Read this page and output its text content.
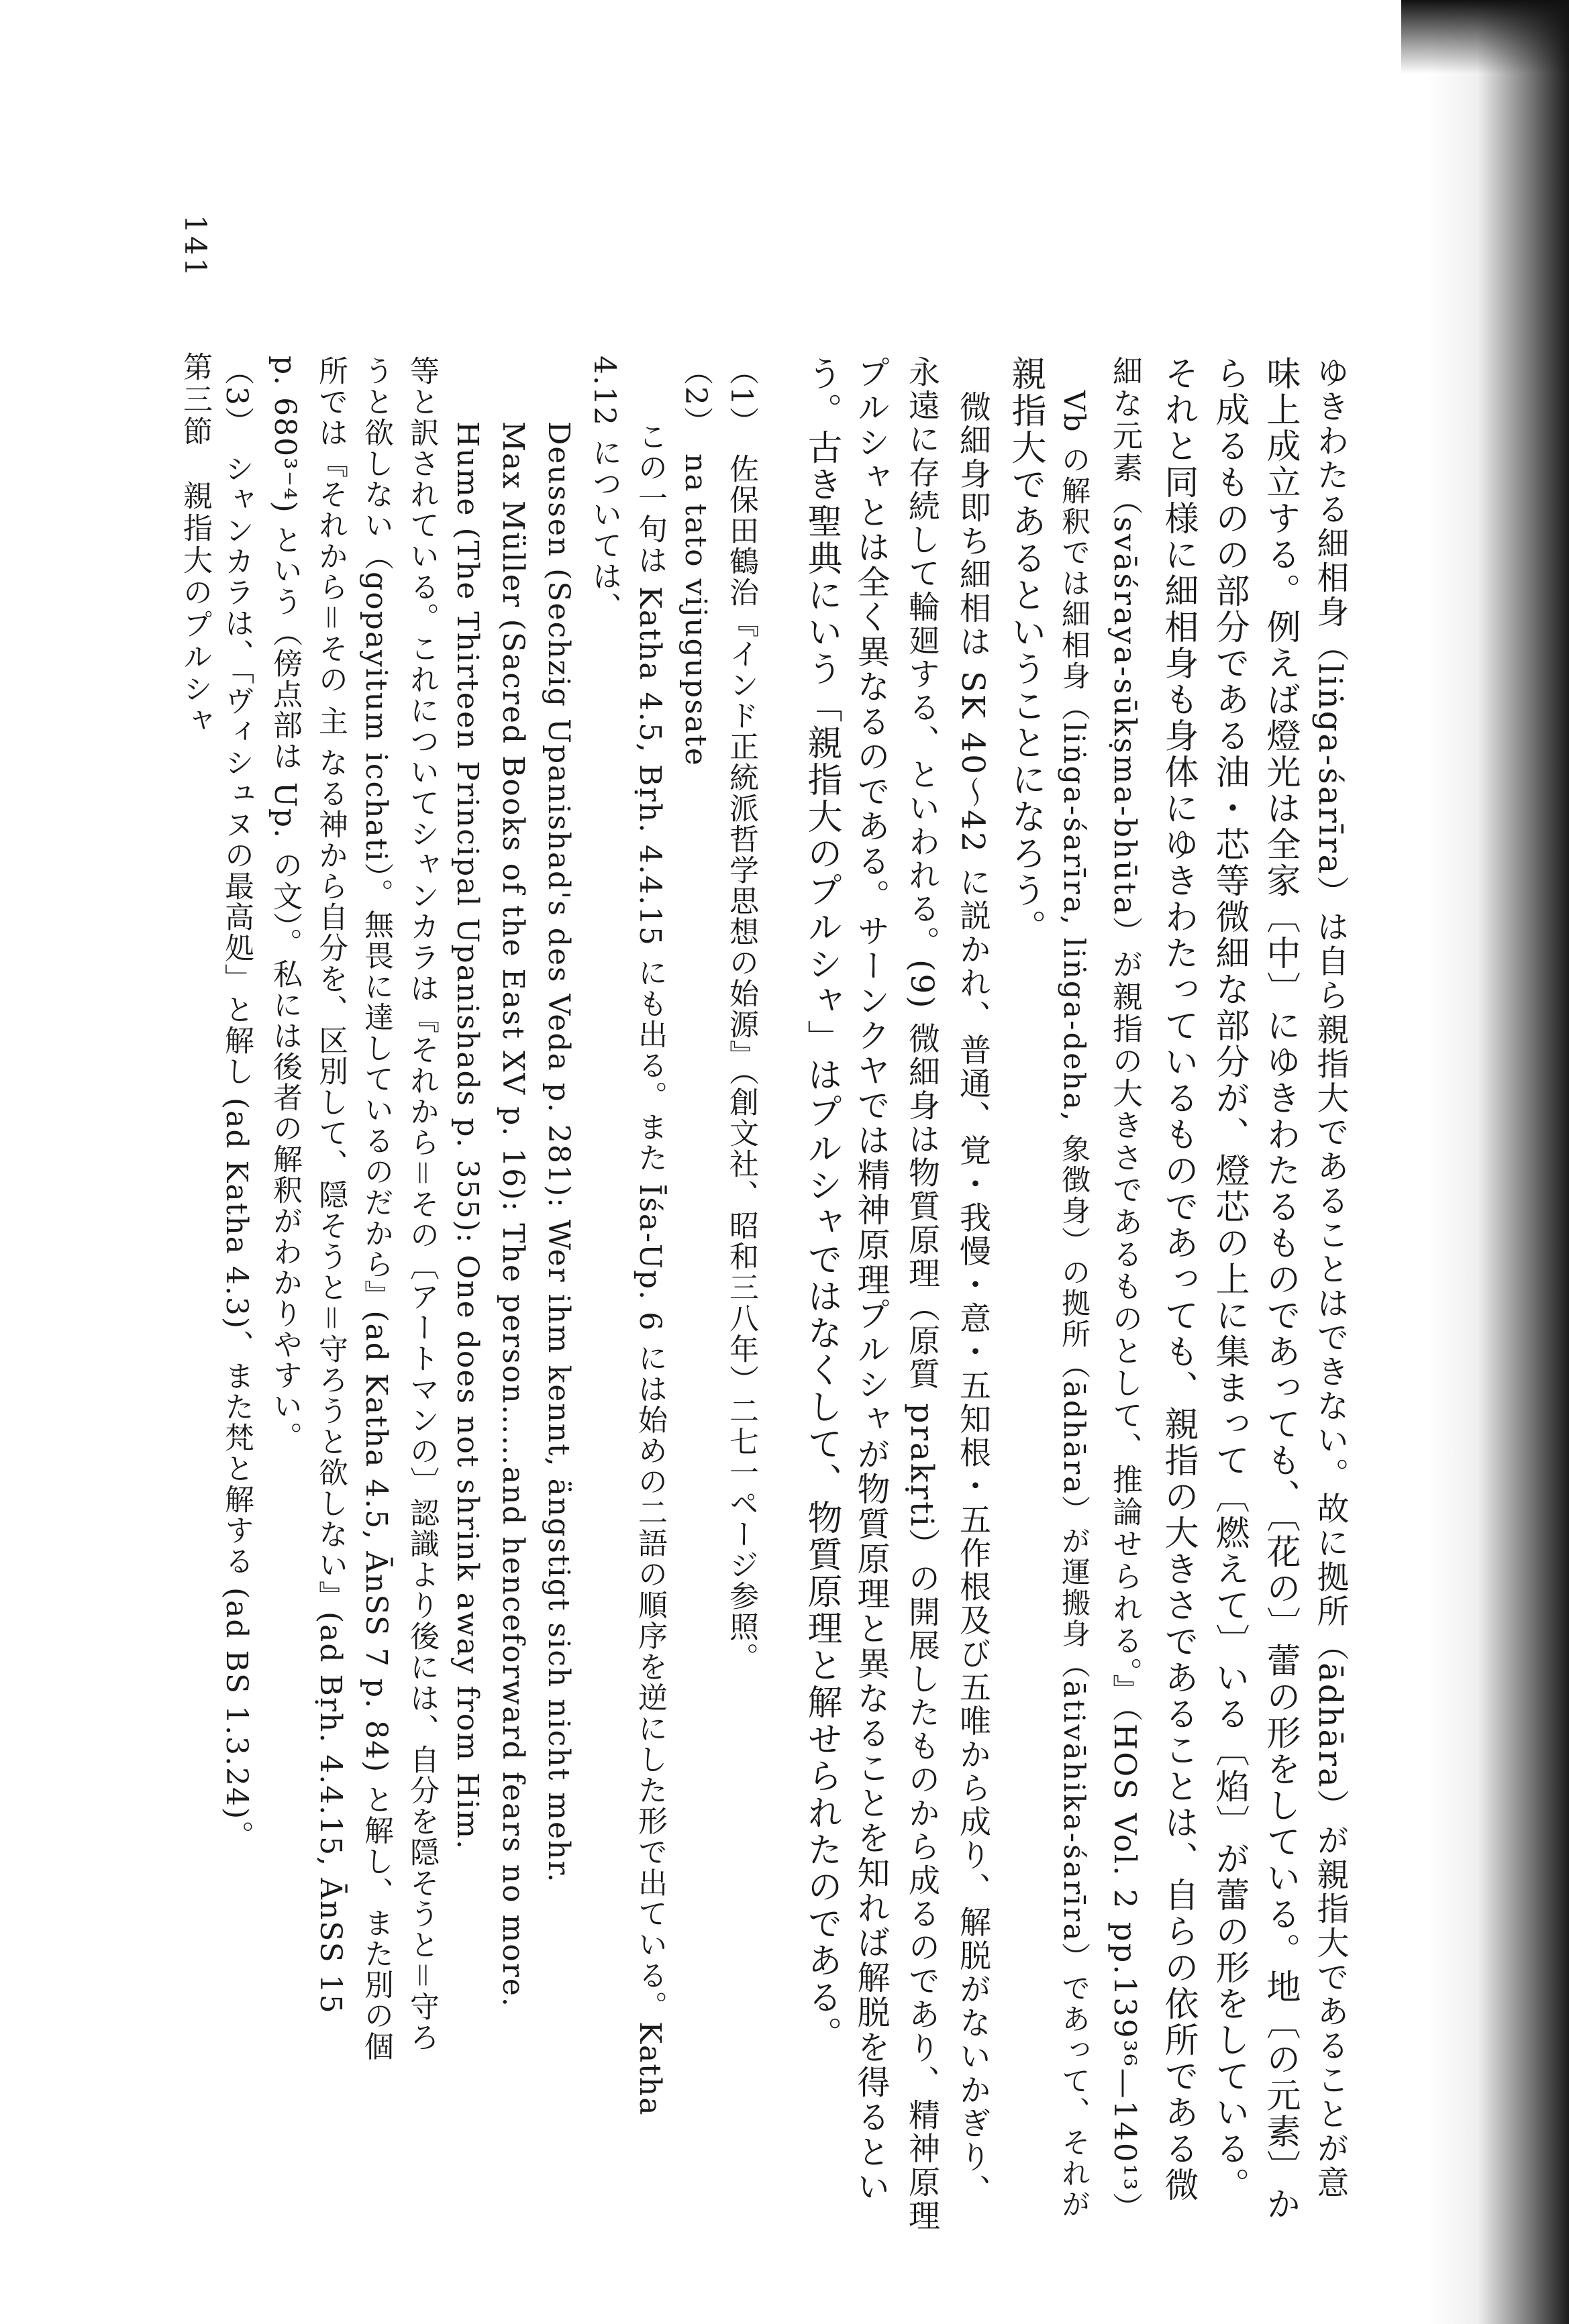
141　第三節　親指大のプルシャ	ゆきわたる細相身（liṅga-śarīra）は自ら親指大であることはできない。故に拠所（ādhāra）が親指大であることが意
味上成立する。例えば燈光は全家〔中〕にゆきわたるものであっても、〔花の〕蕾の形をしている。地〔の元素〕か
ら成るものの部分である油・芯等微細な部分が、燈芯の上に集まって〔燃えて〕いる〔焰〕が蕾の形をしている。
それと同様に細相身も身体にゆきわたっているものであっても、親指の大きさであることは、自らの依所である微
細な元素（svāśraya-sūkṣma-bhūta）が親指の大きさであるものとして、推論せられる。』（HOS Vol. 2 pp.139³⁶—140¹³）
Vb の解釈では細相身（liṅga-śarīra, liṅga-deha, 象徴身）の拠所（ādhāra）が運搬身（ātivāhika-śarīra）であって、それが
親指大であるということになろう。
微細身即ち細相は SK 40〜42 に説かれ、普通、覚・我慢・意・五知根・五作根及び五唯から成り、解脱がないかぎり、
永遠に存続して輪廻する、といわれる。(9) 微細身は物質原理（原質 prakṛti）の開展したものから成るのであり、精神原理
プルシャとは全く異なるのである。サーンクヤでは精神原理プルシャが物質原理と異なることを知れば解脱を得るとい
う。古き聖典にいう「親指大のプルシャ」はプルシャではなくして、物質原理と解せられたのである。
（1）　佐保田鶴治『インド正統派哲学思想の始源』（創文社、昭和三八年）二七一ページ参照。
（2）　na tato vijugupsate
　この一句は Katha 4.5, Bṛh. 4.4.15 にも出る。また Īśa-Up. 6 には始めの二語の順序を逆にした形で出ている。Katha
4.12 については、
　Deussen (Sechzig Upanishad's des Veda p. 281): Wer ihm kennt, ängstigt sich nicht mehr.
　Max Müller (Sacred Books of the East XV p. 16): The person……and henceforward fears no more.
　Hume (The Thirteen Principal Upanishads p. 355): One does not shrink away from Him.
等と訳されている。これについてシャンカラは『それから＝その〔アートマンの〕認識より後には、自分を隠そうと＝守ろ
うと欲しない（gopayitum icchati）。無畏に達しているのだから』(ad Katha 4.5, ĀnSS 7 p. 84) と解し、また別の個
所では『それから＝その 主 なる神から自分を、区別して、隠そうと＝守ろうと欲しない』(ad Bṛh. 4.4.15, ĀnSS 15
p. 680³⁻⁴) という（傍点部は Up. の文）。私には後者の解釈がわかりやすい。
（3）　シャンカラは、「ヴィシュヌの最高処」と解し (ad Katha 4.3)、また梵と解する (ad BS 1.3.24)。
